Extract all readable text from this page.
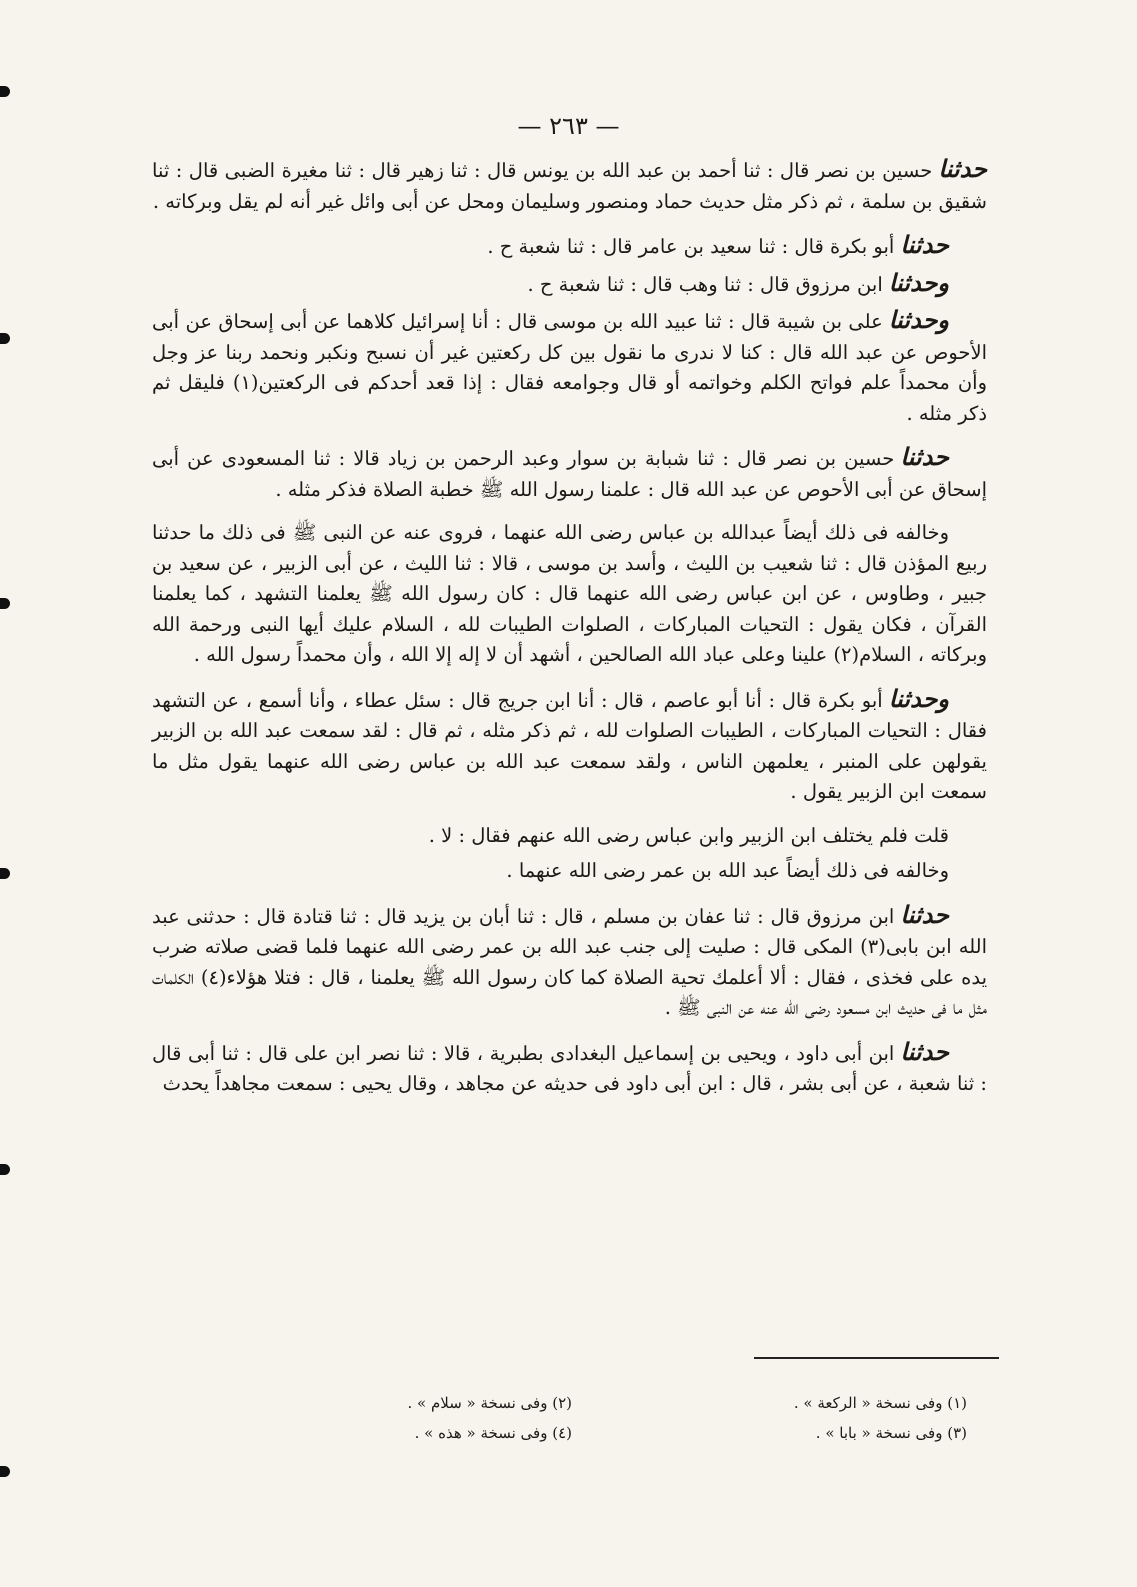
— ٢٦٣ —

حدثناحسين بن نصر قال : ثنا أحمد بن عبد الله بن يونس قال : ثنا زهير قال : ثنا مغيرة الضبى قال : ثنا شقيق بن سلمة ، ثم ذكر مثل حديث حماد ومنصور وسليمان ومحل عن أبى وائل غير أنه لم يقل وبركاته .

حدثناأبو بكرة قال : ثنا سعيد بن عامر قال : ثنا شعبة ح .

وحدثناابن مرزوق قال : ثنا وهب قال : ثنا شعبة ح .

وحدثناعلى بن شيبة قال : ثنا عبيد الله بن موسى قال : أنا إسرائيل كلاهما عن أبى إسحاق عن أبى الأحوص عن عبد الله قال : كنا لا ندرى ما نقول بين كل ركعتين غير أن نسبح ونكبر ونحمد ربنا عز وجل وأن محمداً علم فواتح الكلم وخواتمه أو قال وجوامعه فقال : إذا قعد أحدكم فى الركعتين(١) فليقل ثم ذكر مثله .

حدثناحسين بن نصر قال : ثنا شبابة بن سوار وعبد الرحمن بن زياد قالا : ثنا المسعودى عن أبى إسحاق عن أبى الأحوص عن عبد الله قال : علمنا رسول الله ﷺ خطبة الصلاة فذكر مثله .

وخالفه فى ذلك أيضاً عبدالله بن عباس رضى الله عنهما ، فروى عنه عن النبى ﷺ فى ذلك ما حدثنا ربيع المؤذن قال : ثنا شعيب بن الليث ، وأسد بن موسى ، قالا : ثنا الليث ، عن أبى الزبير ، عن سعيد بن جبير ، وطاوس ، عن ابن عباس رضى الله عنهما قال : كان رسول الله ﷺ يعلمنا التشهد ، كما يعلمنا القرآن ، فكان يقول : التحيات المباركات ، الصلوات الطيبات لله ، السلام عليك أيها النبى ورحمة الله وبركاته ، السلام(٢) علينا وعلى عباد الله الصالحين ، أشهد أن لا إله إلا الله ، وأن محمداً رسول الله .

وحدثناأبو بكرة قال : أنا أبو عاصم ، قال : أنا ابن جريج قال : سئل عطاء ، وأنا أسمع ، عن التشهد فقال : التحيات المباركات ، الطيبات الصلوات لله ، ثم ذكر مثله ، ثم قال : لقد سمعت عبد الله بن الزبير يقولهن على المنبر ، يعلمهن الناس ، ولقد سمعت عبد الله بن عباس رضى الله عنهما يقول مثل ما سمعت ابن الزبير يقول .

قلت فلم يختلف ابن الزبير وابن عباس رضى الله عنهم فقال : لا .

وخالفه فى ذلك أيضاً عبد الله بن عمر رضى الله عنهما .

حدثناابن مرزوق قال : ثنا عفان بن مسلم ، قال : ثنا أبان بن يزيد قال : ثنا قتادة قال : حدثنى عبد الله ابن بابى(٣) المكى قال : صليت إلى جنب عبد الله بن عمر رضى الله عنهما فلما قضى صلاته ضرب يده على فخذى ، فقال : ألا أعلمك تحية الصلاة كما كان رسول الله ﷺ يعلمنا ، قال : فتلا هؤلاء(٤) الكلمات مثل ما فى حديث ابن مسعود رضى الله عنه عن النبى ﷺ .

حدثناابن أبى داود ، ويحيى بن إسماعيل البغدادى بطبرية ، قالا : ثنا نصر ابن على قال : ثنا أبى قال : ثنا شعبة ، عن أبى بشر ، قال : ابن أبى داود فى حديثه عن مجاهد ، وقال يحيى : سمعت مجاهداً يحدث

(١) وفى نسخة « الركعة » .
(٢) وفى نسخة « سلام » .
(٣) وفى نسخة « بابا » .
(٤) وفى نسخة « هذه » .
